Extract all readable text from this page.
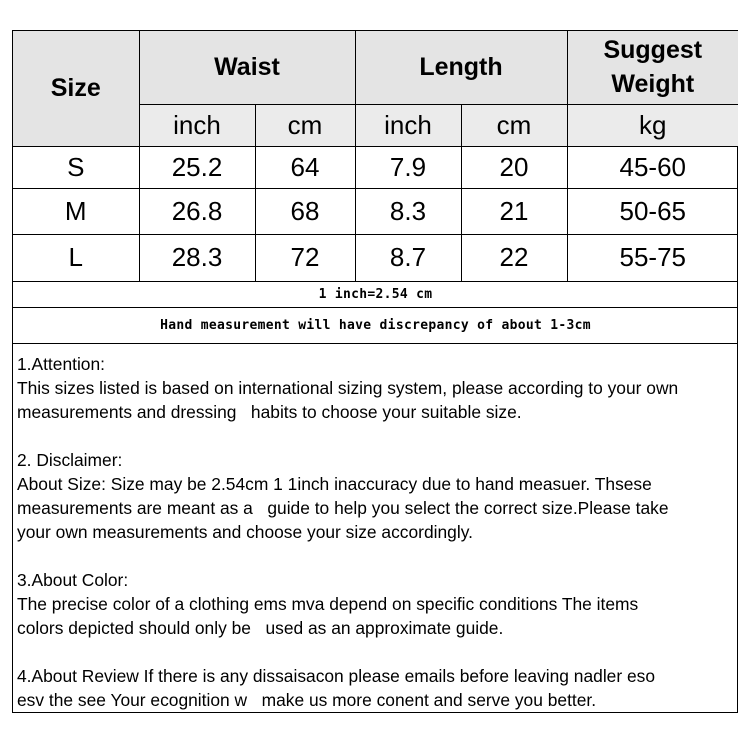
Size	Waist		Length		Suggest
Weight
	inch	cm	inch	cm	kg
S	25.2	64	7.9	20	45-60
M	26.8	68	8.3	21	50-65
L	28.3	72	8.7	22	55-75
1 inch=2.54 cm					
Hand measurement will have discrepancy of about 1-3cm					
1.Attention:
This sizes listed is based on international sizing system, please according to your own
measurements and dressing   habits to choose your suitable size.
2. Disclaimer:
About Size: Size may be 2.54cm 1 1inch inaccuracy due to hand measuer. Thsese
measurements are meant as a   guide to help you select the correct size.Please take
your own measurements and choose your size accordingly.
3.About Color:
The precise color of a clothing ems mva depend on specific conditions The items
colors depicted should only be   used as an approximate guide.
4.About Review If there is any dissaisacon please emails before leaving nadler eso
esv the see Your ecognition w   make us more conent and serve you better.
